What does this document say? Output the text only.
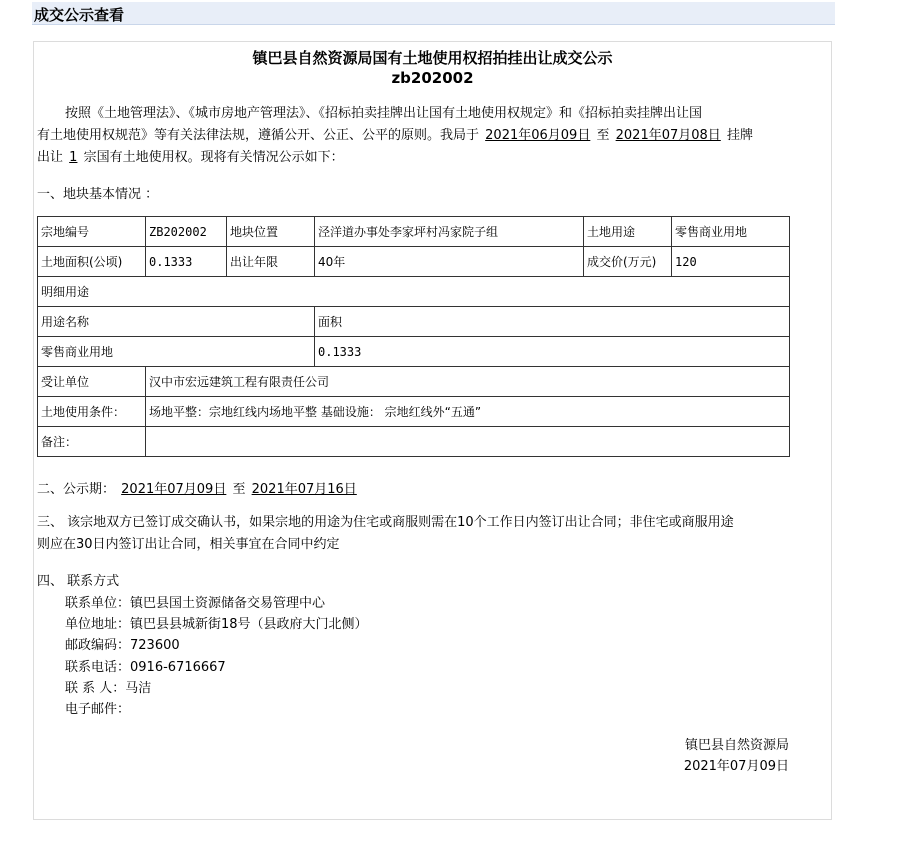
成交公示查看
镇巴县自然资源局国有土地使用权招拍挂出让成交公示
zb202002
按照《土地管理法》、《城市房地产管理法》、《招标拍卖挂牌出让国有土地使用权规定》和《招标拍卖挂牌出让国
有土地使用权规范》等有关法律法规，遵循公开、公正、公平的原则。我局于 2021年06月09日 至 2021年07月08日 挂牌
出让 1 宗国有土地使用权。现将有关情况公示如下：
一、地块基本情况 ：
宗地编号	ZB202002	地块位置	泾洋道办事处李家坪村冯家院子组	土地用途	零售商业用地
土地面积(公顷)	0.1333	出让年限	40年	成交价(万元)	120
明细用途					
用途名称			面积		
零售商业用地			0.1333		
受让单位	汉中市宏远建筑工程有限责任公司				
土地使用条件：	场地平整：宗地红线内场地平整 基础设施： 宗地红线外“五通”				
备注：					
二、公示期： 2021年07月09日 至 2021年07月16日
三、 该宗地双方已签订成交确认书，如果宗地的用途为住宅或商服则需在10个工作日内签订出让合同；非住宅或商服用途
则应在30日内签订出让合同，相关事宜在合同中约定
四、 联系方式
联系单位：镇巴县国土资源储备交易管理中心
单位地址：镇巴县县城新街18号（县政府大门北侧）
邮政编码：723600
联系电话：0916-6716667
联 系 人：马洁
电子邮件：
镇巴县自然资源局
2021年07月09日
